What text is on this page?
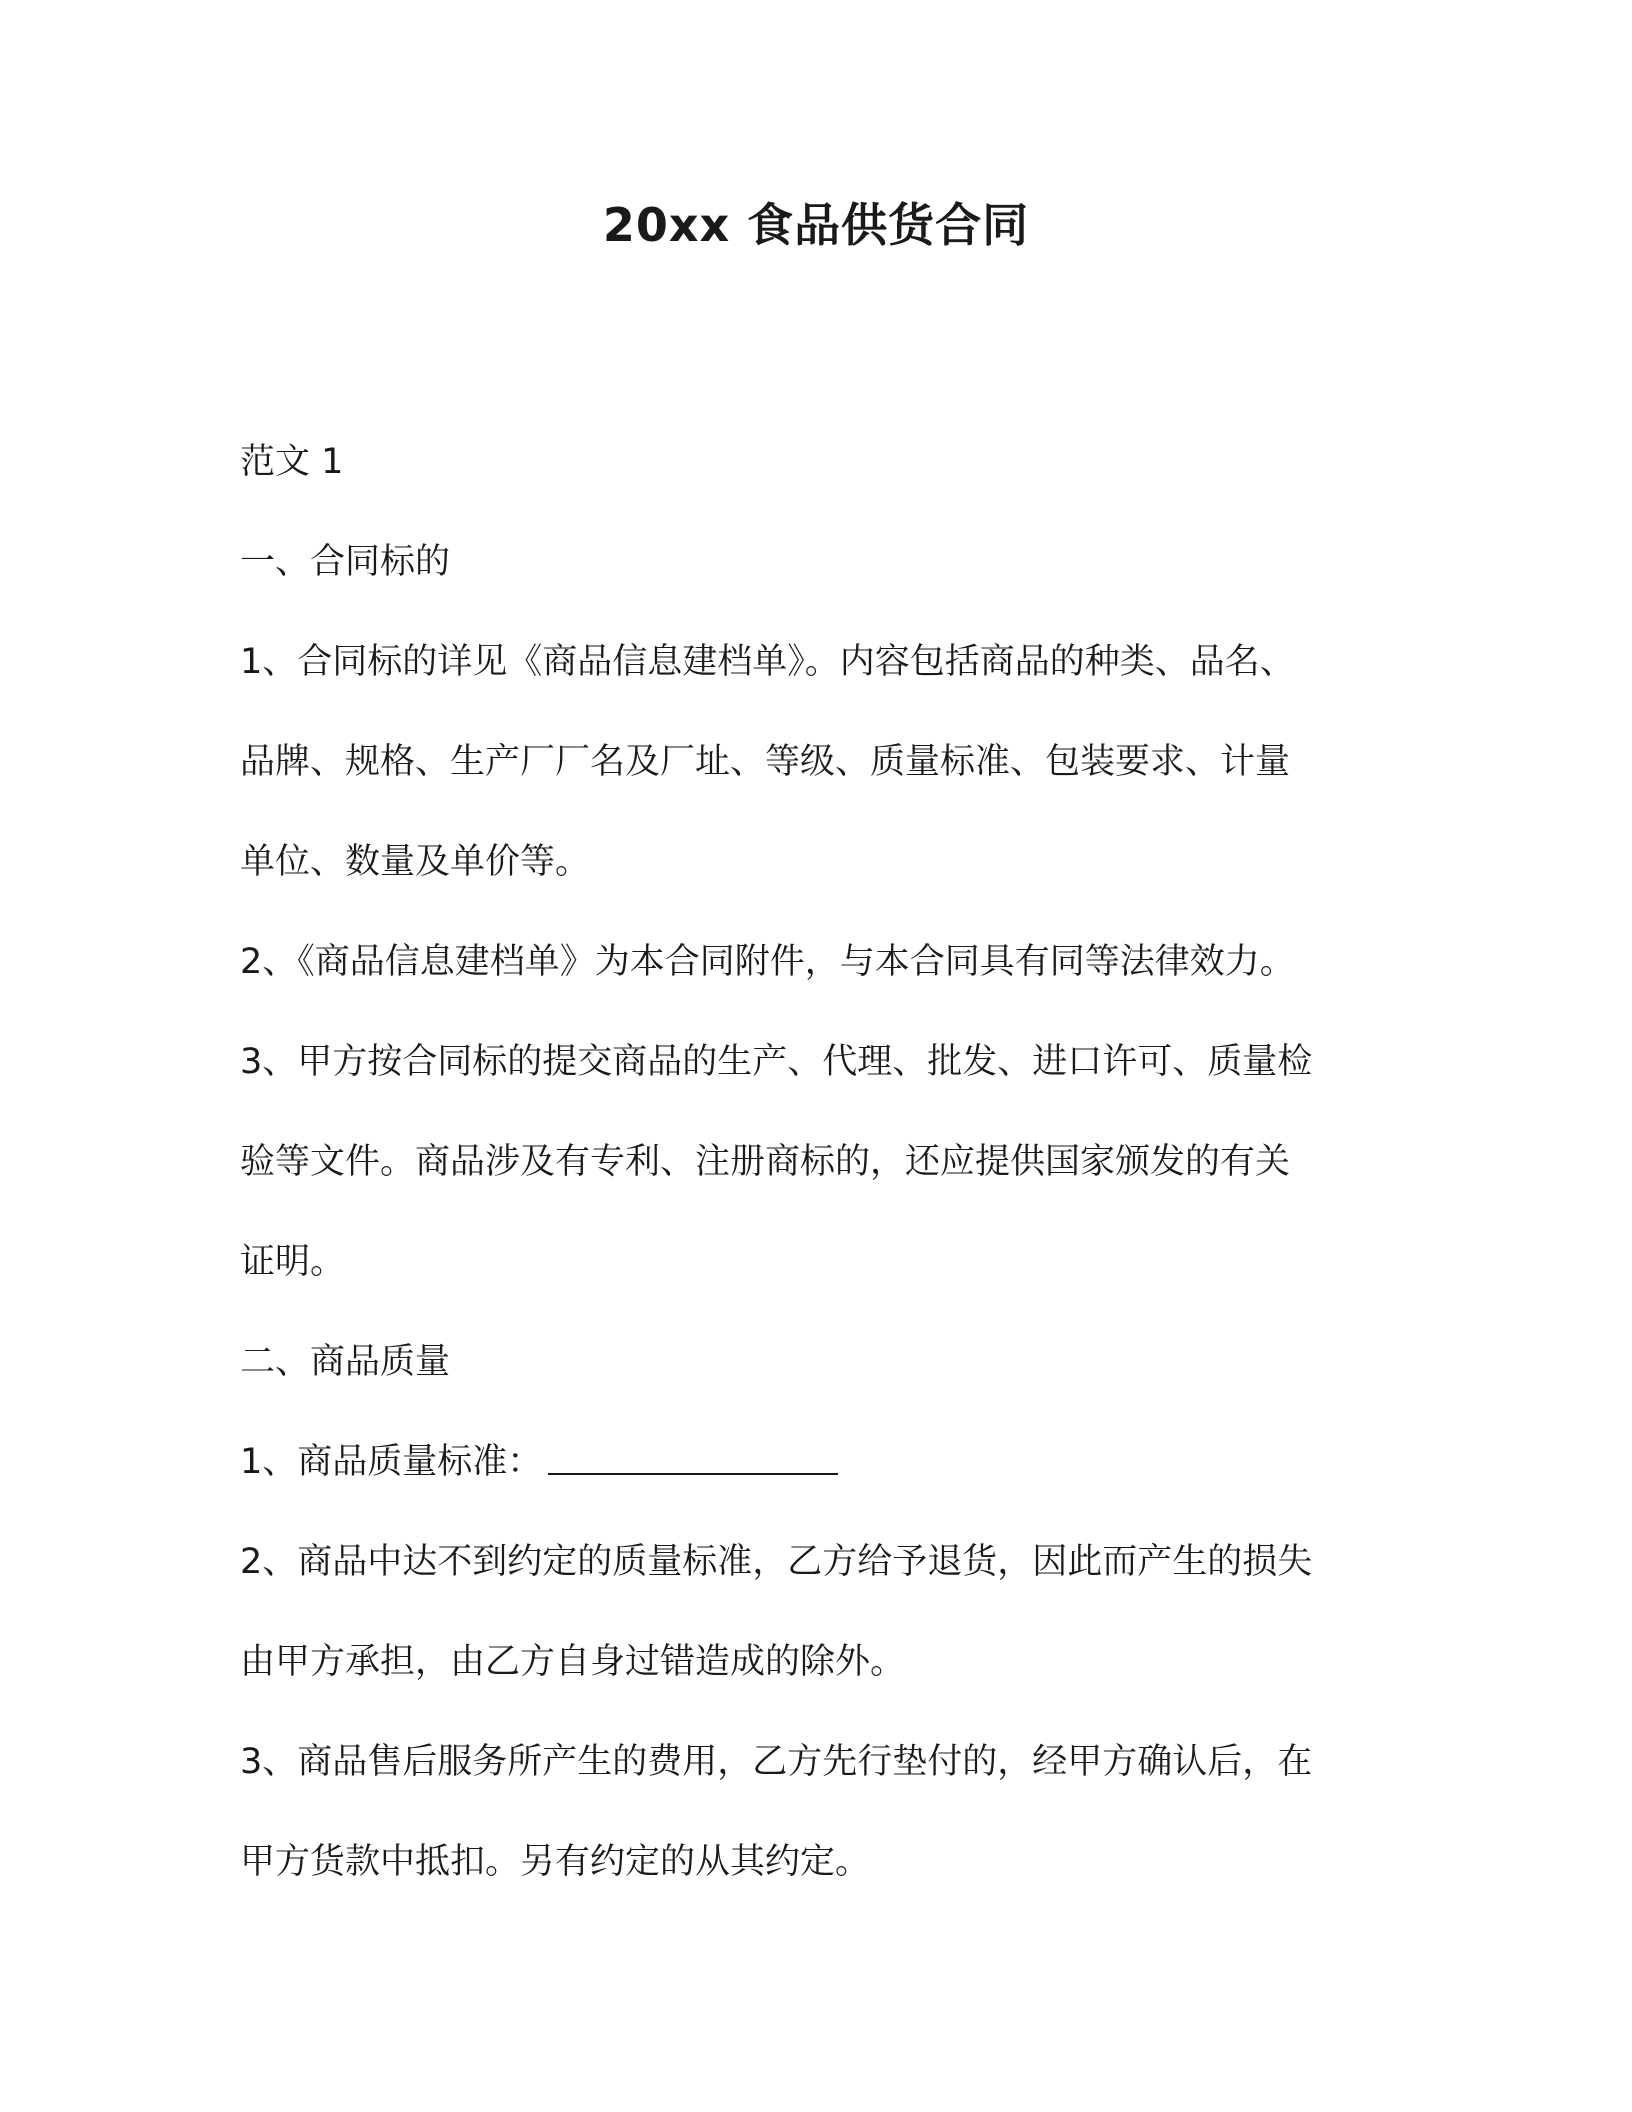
20xx 食品供货合同

范文 1

一、合同标的

1、合同标的详见《商品信息建档单》。内容包括商品的种类、品名、

品牌、规格、生产厂厂名及厂址、等级、质量标准、包装要求、计量

单位、数量及单价等。

2、《商品信息建档单》为本合同附件，与本合同具有同等法律效力。

3、甲方按合同标的提交商品的生产、代理、批发、进口许可、质量检

验等文件。商品涉及有专利、注册商标的，还应提供国家颁发的有关

证明。

二、商品质量

1、商品质量标准：

2、商品中达不到约定的质量标准，乙方给予退货，因此而产生的损失

由甲方承担，由乙方自身过错造成的除外。

3、商品售后服务所产生的费用，乙方先行垫付的，经甲方确认后，在

甲方货款中抵扣。另有约定的从其约定。
